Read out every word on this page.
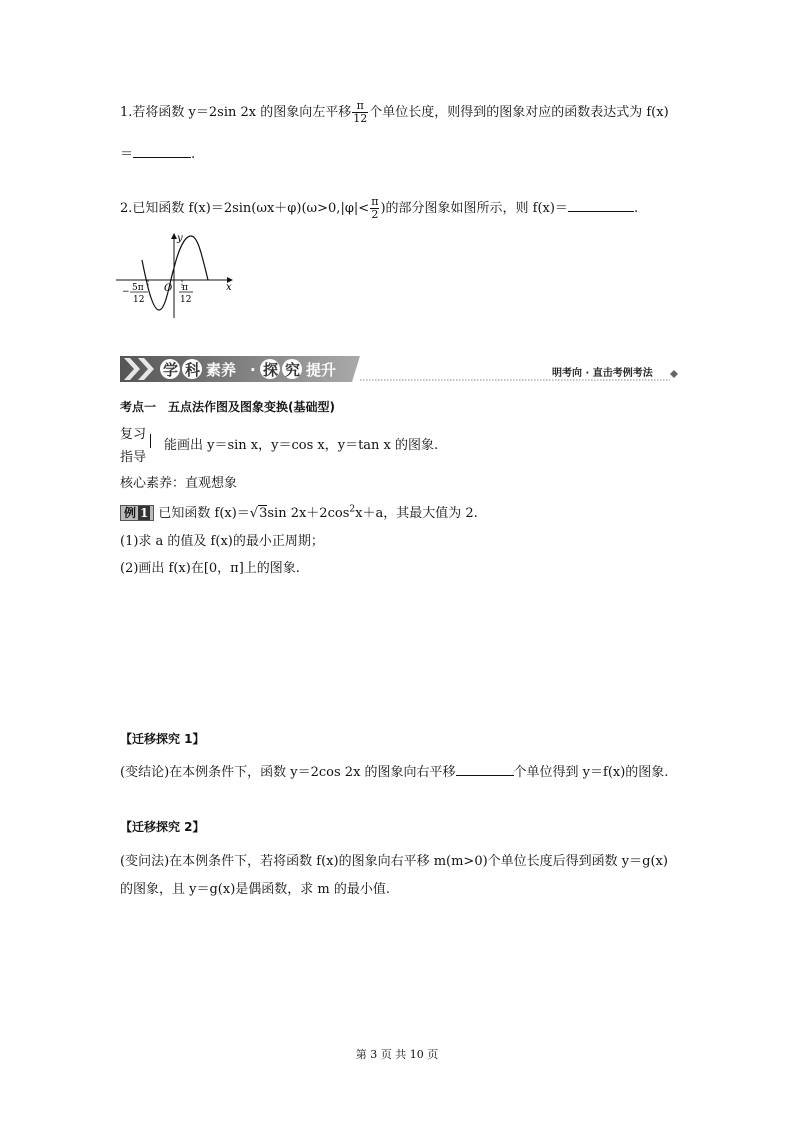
1.若将函数 y＝2sin 2x 的图象向左平移 $\frac{\pi}{12}$ 个单位长度，则得到的图象对应的函数表达式为 f(x)
＝	.
2.已知函数 $f(x)=2\sin(\omega x+\varphi)(\omega>0,|\varphi|< \frac{\pi}{2}$ )的部分图象如图所示，则 f(x)＝	.
y
x
O
− 5π
12
π
12
学 科 素养 · 探 究 提升	明考向 · 直击考例考法
考点一　五点法作图及图象变换(基础型)
复习
指导
能画出 y＝sin x，y＝cos x，y＝tan x 的图象.
核心素养：直观想象
例 1 已知函数 f(x)＝√3sin $2x+2\cos^2x+a$，其最大值为 2.
(1)求 a 的值及 f(x)的最小正周期；
(2)画出 f(x)在[0，π]上的图象.
【迁移探究 1】
(变结论)在本例条件下，函数 y＝2cos 2x 的图象向右平移	个单位得到 y＝f(x)的图象.
【迁移探究 2】
(变问法)在本例条件下，若将函数 f(x)的图象向右平移 m(m>0)个单位长度后得到函数 y＝g(x)
的图象，且 y＝g(x)是偶函数，求 m 的最小值.
第 3 页 共 10 页
